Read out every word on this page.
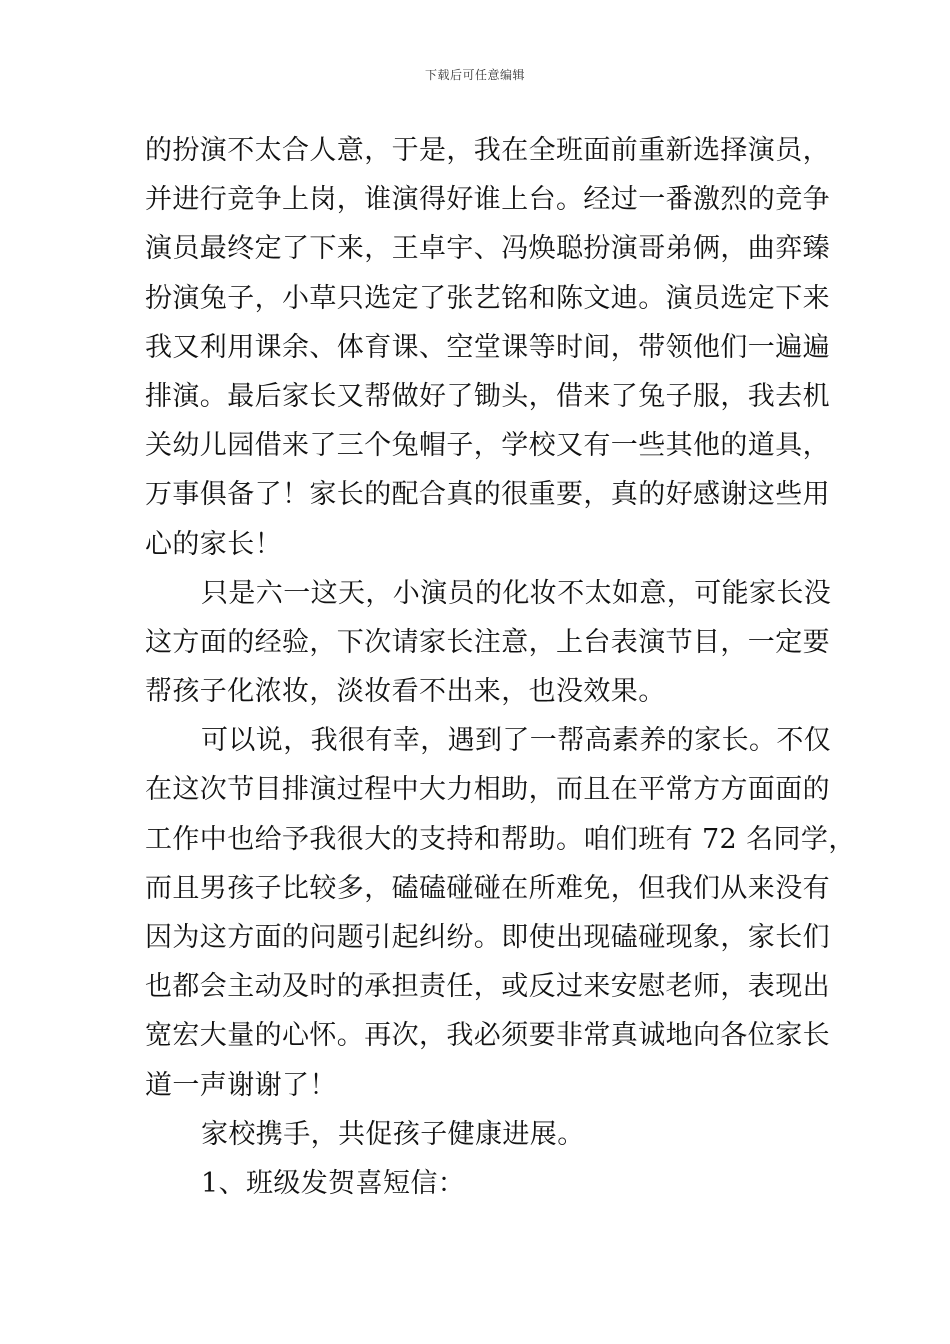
下载后可任意编辑
的扮演不太合人意，于是，我在全班面前重新选择演员，
并进行竞争上岗，谁演得好谁上台。经过一番激烈的竞争
演员最终定了下来，王卓宇、冯焕聪扮演哥弟俩，曲弈臻
扮演兔子，小草只选定了张艺铭和陈文迪。演员选定下来
我又利用课余、体育课、空堂课等时间，带领他们一遍遍
排演。最后家长又帮做好了锄头，借来了兔子服，我去机
关幼儿园借来了三个兔帽子，学校又有一些其他的道具，
万事俱备了！家长的配合真的很重要，真的好感谢这些用
心的家长！
只是六一这天，小演员的化妆不太如意，可能家长没
这方面的经验，下次请家长注意，上台表演节目，一定要
帮孩子化浓妆，淡妆看不出来，也没效果。
可以说，我很有幸，遇到了一帮高素养的家长。不仅
在这次节目排演过程中大力相助，而且在平常方方面面的
工作中也给予我很大的支持和帮助。咱们班有 72 名同学，
而且男孩子比较多，磕磕碰碰在所难免，但我们从来没有
因为这方面的问题引起纠纷。即使出现磕碰现象，家长们
也都会主动及时的承担责任，或反过来安慰老师，表现出
宽宏大量的心怀。再次，我必须要非常真诚地向各位家长
道一声谢谢了！
家校携手，共促孩子健康进展。
1、班级发贺喜短信：
